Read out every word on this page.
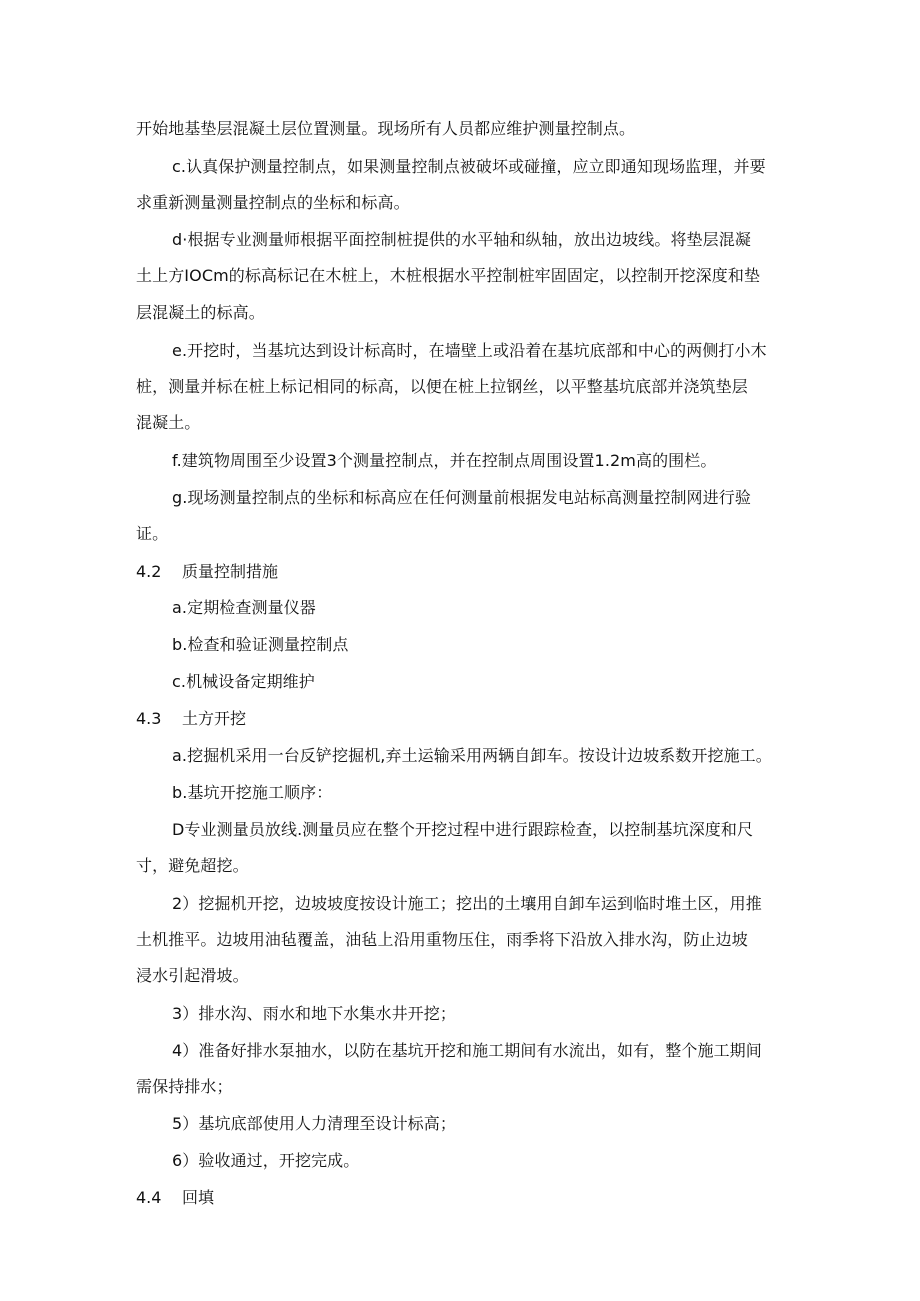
开始地基垫层混凝土层位置测量。现场所有人员都应维护测量控制点。
c.认真保护测量控制点，如果测量控制点被破坏或碰撞，应立即通知现场监理，并要
求重新测量测量控制点的坐标和标高。
d·根据专业测量师根据平面控制桩提供的水平轴和纵轴，放出边坡线。将垫层混凝
土上方IOCm的标高标记在木桩上，木桩根据水平控制桩牢固固定，以控制开挖深度和垫
层混凝土的标高。
e.开挖时，当基坑达到设计标高时，在墙壁上或沿着在基坑底部和中心的两侧打小木
桩，测量并标在桩上标记相同的标高，以便在桩上拉钢丝，以平整基坑底部并浇筑垫层
混凝土。
f.建筑物周围至少设置3个测量控制点，并在控制点周围设置1.2m高的围栏。
g.现场测量控制点的坐标和标高应在任何测量前根据发电站标高测量控制网进行验
证。
4.2 质量控制措施
a.定期检查测量仪器
b.检查和验证测量控制点
c.机械设备定期维护
4.3 土方开挖
a.挖掘机采用一台反铲挖掘机,弃土运输采用两辆自卸车。按设计边坡系数开挖施工。
b.基坑开挖施工顺序：
D专业测量员放线.测量员应在整个开挖过程中进行跟踪检查，以控制基坑深度和尺
寸，避免超挖。
2）挖掘机开挖，边坡坡度按设计施工；挖出的土壤用自卸车运到临时堆土区，用推
土机推平。边坡用油毡覆盖，油毡上沿用重物压住，雨季将下沿放入排水沟，防止边坡
浸水引起滑坡。
3）排水沟、雨水和地下水集水井开挖；
4）准备好排水泵抽水，以防在基坑开挖和施工期间有水流出，如有，整个施工期间
需保持排水；
5）基坑底部使用人力清理至设计标高；
6）验收通过，开挖完成。
4.4 回填
